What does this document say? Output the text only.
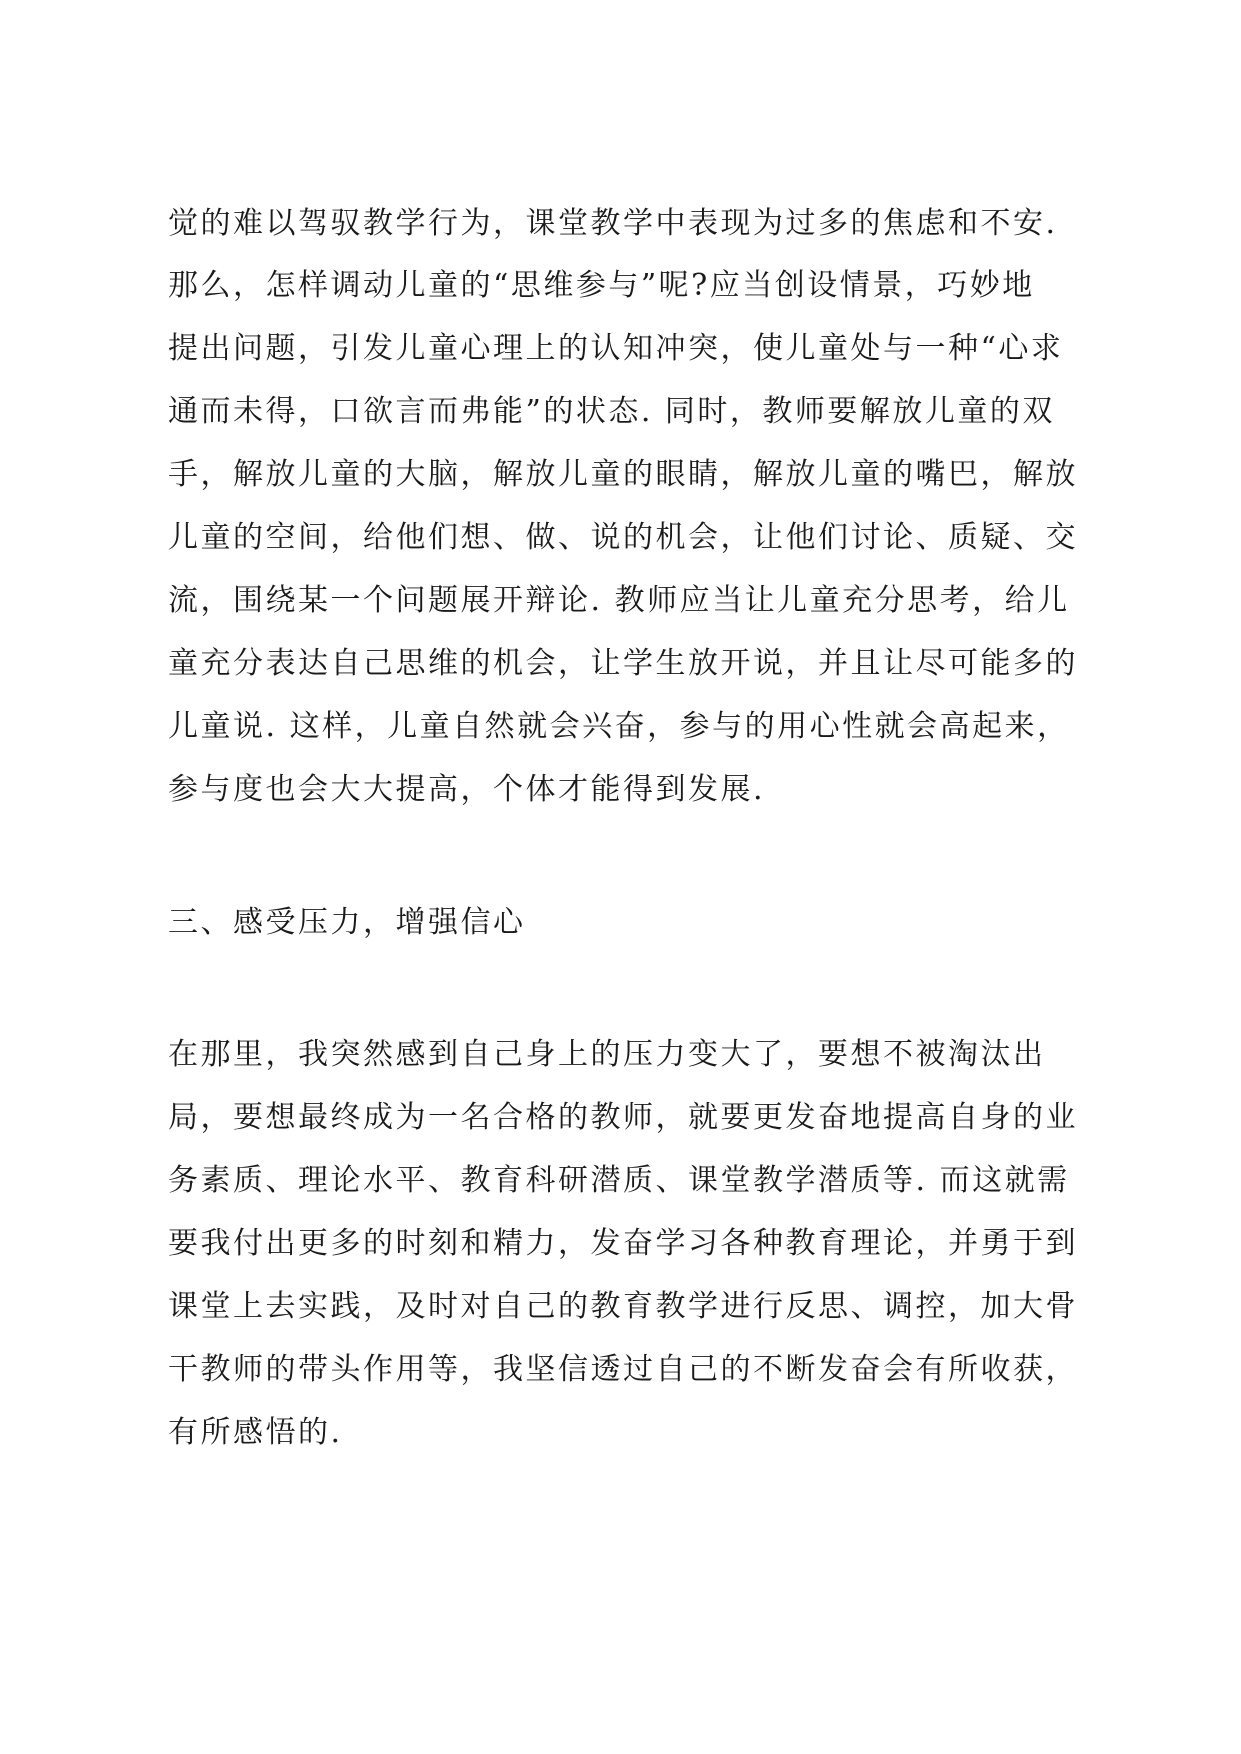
觉的难以驾驭教学行为，课堂教学中表现为过多的焦虑和不安.

那么，怎样调动儿童的“思维参与”呢?应当创设情景，巧妙地

提出问题，引发儿童心理上的认知冲突，使儿童处与一种“心求

通而未得，口欲言而弗能”的状态. 同时，教师要解放儿童的双

手，解放儿童的大脑，解放儿童的眼睛，解放儿童的嘴巴，解放

儿童的空间，给他们想、做、说的机会，让他们讨论、质疑、交

流，围绕某一个问题展开辩论. 教师应当让儿童充分思考，给儿

童充分表达自己思维的机会，让学生放开说，并且让尽可能多的

儿童说. 这样，儿童自然就会兴奋，参与的用心性就会高起来，

参与度也会大大提高，个体才能得到发展.

三、感受压力，增强信心

在那里，我突然感到自己身上的压力变大了，要想不被淘汰出

局，要想最终成为一名合格的教师，就要更发奋地提高自身的业

务素质、理论水平、教育科研潜质、课堂教学潜质等. 而这就需

要我付出更多的时刻和精力，发奋学习各种教育理论，并勇于到

课堂上去实践，及时对自己的教育教学进行反思、调控，加大骨

干教师的带头作用等，我坚信透过自己的不断发奋会有所收获，

有所感悟的.
